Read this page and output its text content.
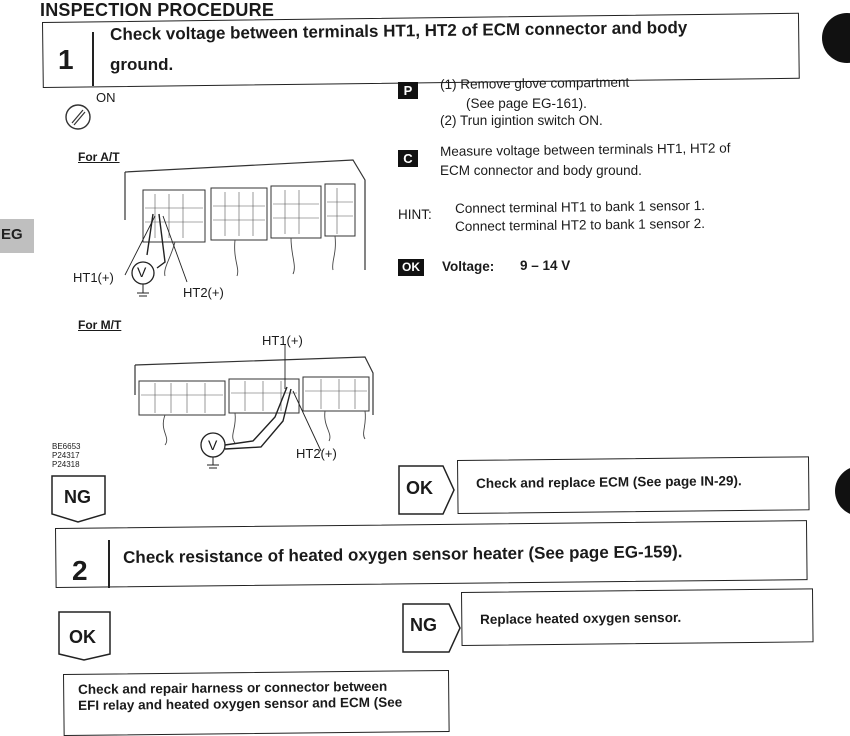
INSPECTION PROCEDURE
EG
1
Check voltage between terminals HT1, HT2 of ECM connector and body
ground.
ON
For A/T
V
HT1(+)
HT2(+)
For M/T
HT1(+)
V
HT2(+)
BE6653
P24317
P24318
P	(1) Remove glove compartment
(See page EG-161).
(2) Trun igintion switch ON.
C	Measure voltage between terminals HT1, HT2 of
ECM connector and body ground.
HINT: Connect terminal HT1 to bank 1 sensor 1.
Connect terminal HT2 to bank 1 sensor 2.
OK Voltage: 9 – 14 V
NG	OK	Check and replace ECM (See page IN-29).
2
Check resistance of heated oxygen sensor heater (See page EG-159).
OK
NG	Replace heated oxygen sensor.
Check and repair harness or connector between
EFI relay and heated oxygen sensor and ECM (See
